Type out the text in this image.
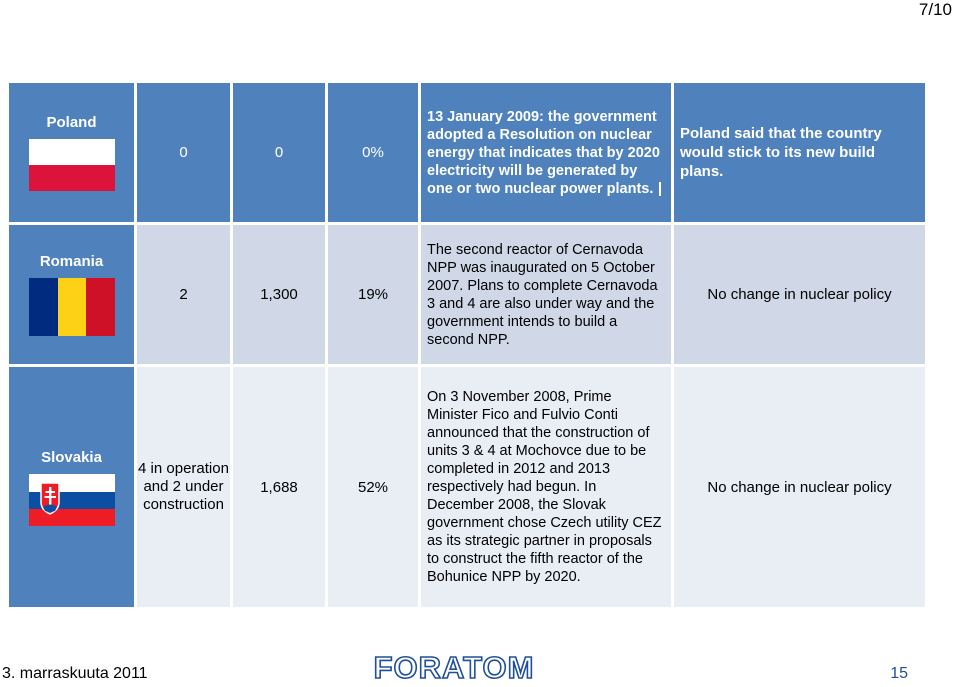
7/10
Poland	0	0	0%	13 January 2009: the government adopted a Resolution on nuclear energy that indicates that by 2020 electricity will be generated by one or two nuclear power plants.	Poland said that the country would stick to its new build plans.

Romania	2	1,300	19%	The second reactor of Cernavoda NPP was inaugurated on 5 October 2007. Plans to complete Cernavoda 3 and 4 are also under way and the government intends to build a second NPP.	No change in nuclear policy

Slovakia	4 in operation and 2 under construction	1,688	52%	On 3 November 2008, Prime Minister Fico and Fulvio Conti announced that the construction of units 3 & 4 at Mochovce due to be completed in 2012 and 2013 respectively had begun. In December 2008, the Slovak government chose Czech utility CEZ as its strategic partner in proposals to construct the fifth reactor of the Bohunice NPP by 2020.	No change in nuclear policy
3. marraskuuta 2011	FORATOM	15
